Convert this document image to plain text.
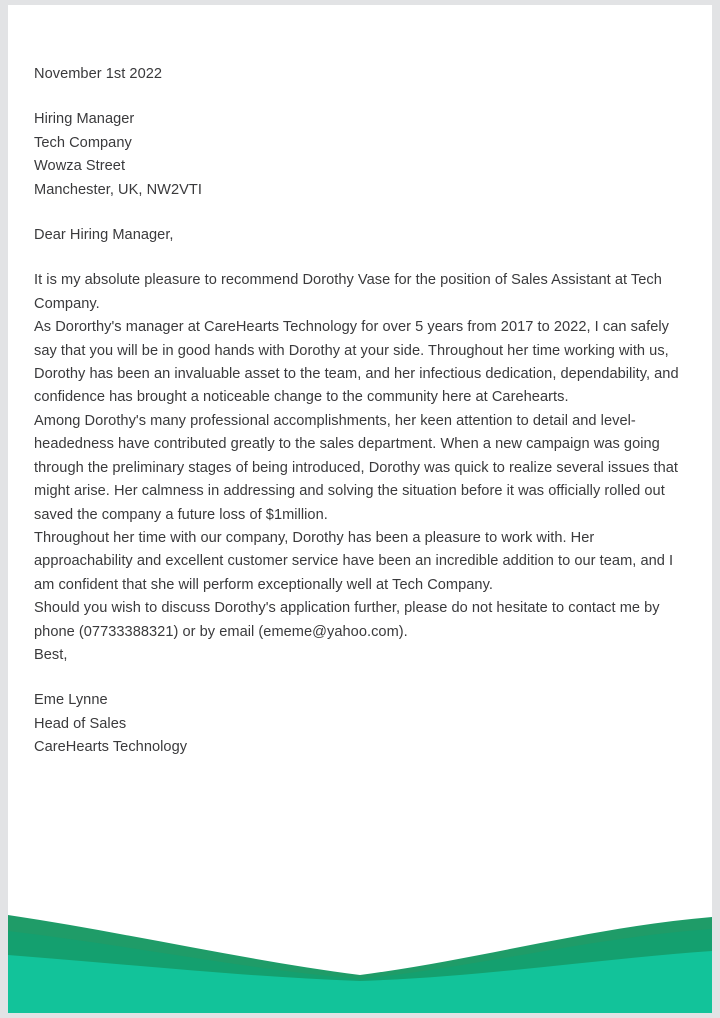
November 1st 2022
Hiring Manager
Tech Company
Wowza Street
Manchester, UK, NW2VTI
Dear Hiring Manager,

It is my absolute pleasure to recommend Dorothy Vase for the position of Sales Assistant at Tech Company.

As Dororthy's manager at CareHearts Technology for over 5 years from 2017 to 2022, I can safely say that you will be in good hands with Dorothy at your side. Throughout her time working with us, Dorothy has been an invaluable asset to the team, and her infectious dedication, dependability, and confidence has brought a noticeable change to the community here at Carehearts.

Among Dorothy's many professional accomplishments, her keen attention to detail and level-headedness have contributed greatly to the sales department. When a new campaign was going through the preliminary stages of being introduced, Dorothy was quick to realize several issues that might arise. Her calmness in addressing and solving the situation before it was officially rolled out saved the company a future loss of $1million.

Throughout her time with our company, Dorothy has been a pleasure to work with. Her approachability and excellent customer service have been an incredible addition to our team, and I am confident that she will perform exceptionally well at Tech Company.

Should you wish to discuss Dorothy's application further, please do not hesitate to contact me by phone (07733388321) or by email (ememe@yahoo.com).

Best,
Eme Lynne
Head of Sales
CareHearts Technology
